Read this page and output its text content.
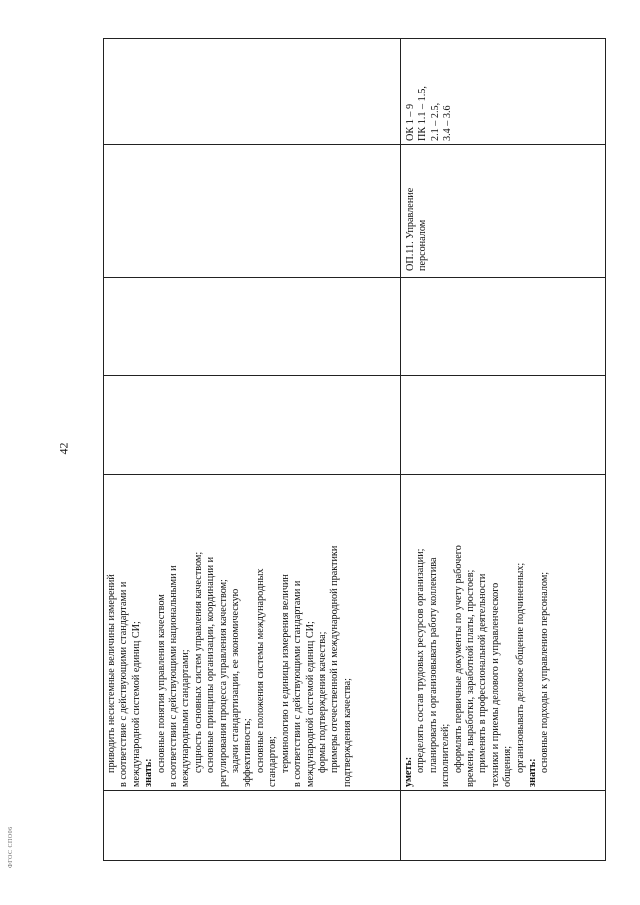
42
ФГОС СПО06
приводить несистемные величины измерений в соответствие с действующими стандартами и международной системой единиц СИ; знать: основные понятия управления качеством в соответствии с действующими национальными и международными стандартами; сущность основных систем управления качеством; основные принципы организации, координации и регулирования процесса управления качеством; задачи стандартизации, ее экономическую эффективность; основные положения системы международных стандартов; терминологию и единицы измерения величин в соответствии с действующими стандартами и международной системой единиц СИ; формы подтверждения качества; примеры отечественной и международной практики подтверждения качества;	уметь: определять состав трудовых ресурсов организации; планировать и организовывать работу коллектива исполнителей; оформлять первичные документы по учету рабочего времени, выработки, заработной платы, простоев; применять в профессиональной деятельности техники и приемы делового и управленческого общения; организовывать деловое общение подчиненных; знать: основные подходы к управлению персоналом;
ОП.11. Управление персоналом
ОК 1 – 9 ПК 1.1 – 1.5, 2.1 – 2.5, 3.4 – 3.6
